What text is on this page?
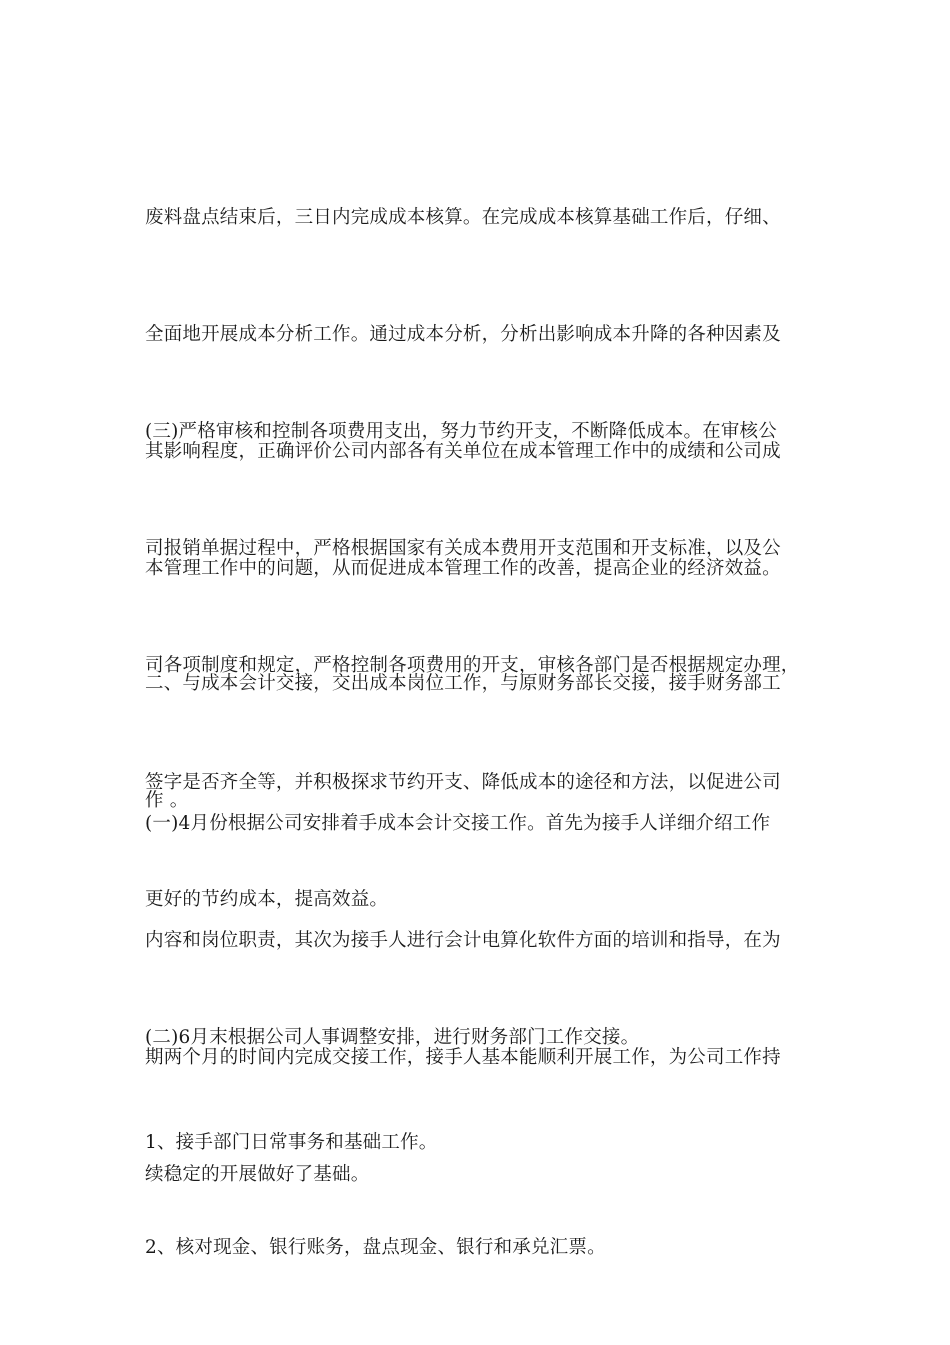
废料盘点结束后，三日内完成成本核算。在完成成本核算基础工作后，仔细、

全面地开展成本分析工作。通过成本分析，分析出影响成本升降的各种因素及

其影响程度，正确评价公司内部各有关单位在成本管理工作中的成绩和公司成

本管理工作中的问题，从而促进成本管理工作的改善，提高企业的经济效益。

(三)严格审核和控制各项费用支出，努力节约开支，不断降低成本。在审核公

司报销单据过程中，严格根据国家有关成本费用开支范围和开支标准，以及公

司各项制度和规定，严格控制各项费用的开支，审核各部门是否根据规定办理，

签字是否齐全等，并积极探求节约开支、降低成本的途径和方法，以促进公司

更好的节约成本，提高效益。

二、与成本会计交接，交出成本岗位工作，与原财务部长交接，接手财务部工

作 。

(一)4月份根据公司安排着手成本会计交接工作。首先为接手人详细介绍工作

内容和岗位职责，其次为接手人进行会计电算化软件方面的培训和指导，在为

期两个月的时间内完成交接工作，接手人基本能顺利开展工作，为公司工作持

续稳定的开展做好了基础。

(二)6月末根据公司人事调整安排，进行财务部门工作交接。

1、接手部门日常事务和基础工作。

2、核对现金、银行账务，盘点现金、银行和承兑汇票。
